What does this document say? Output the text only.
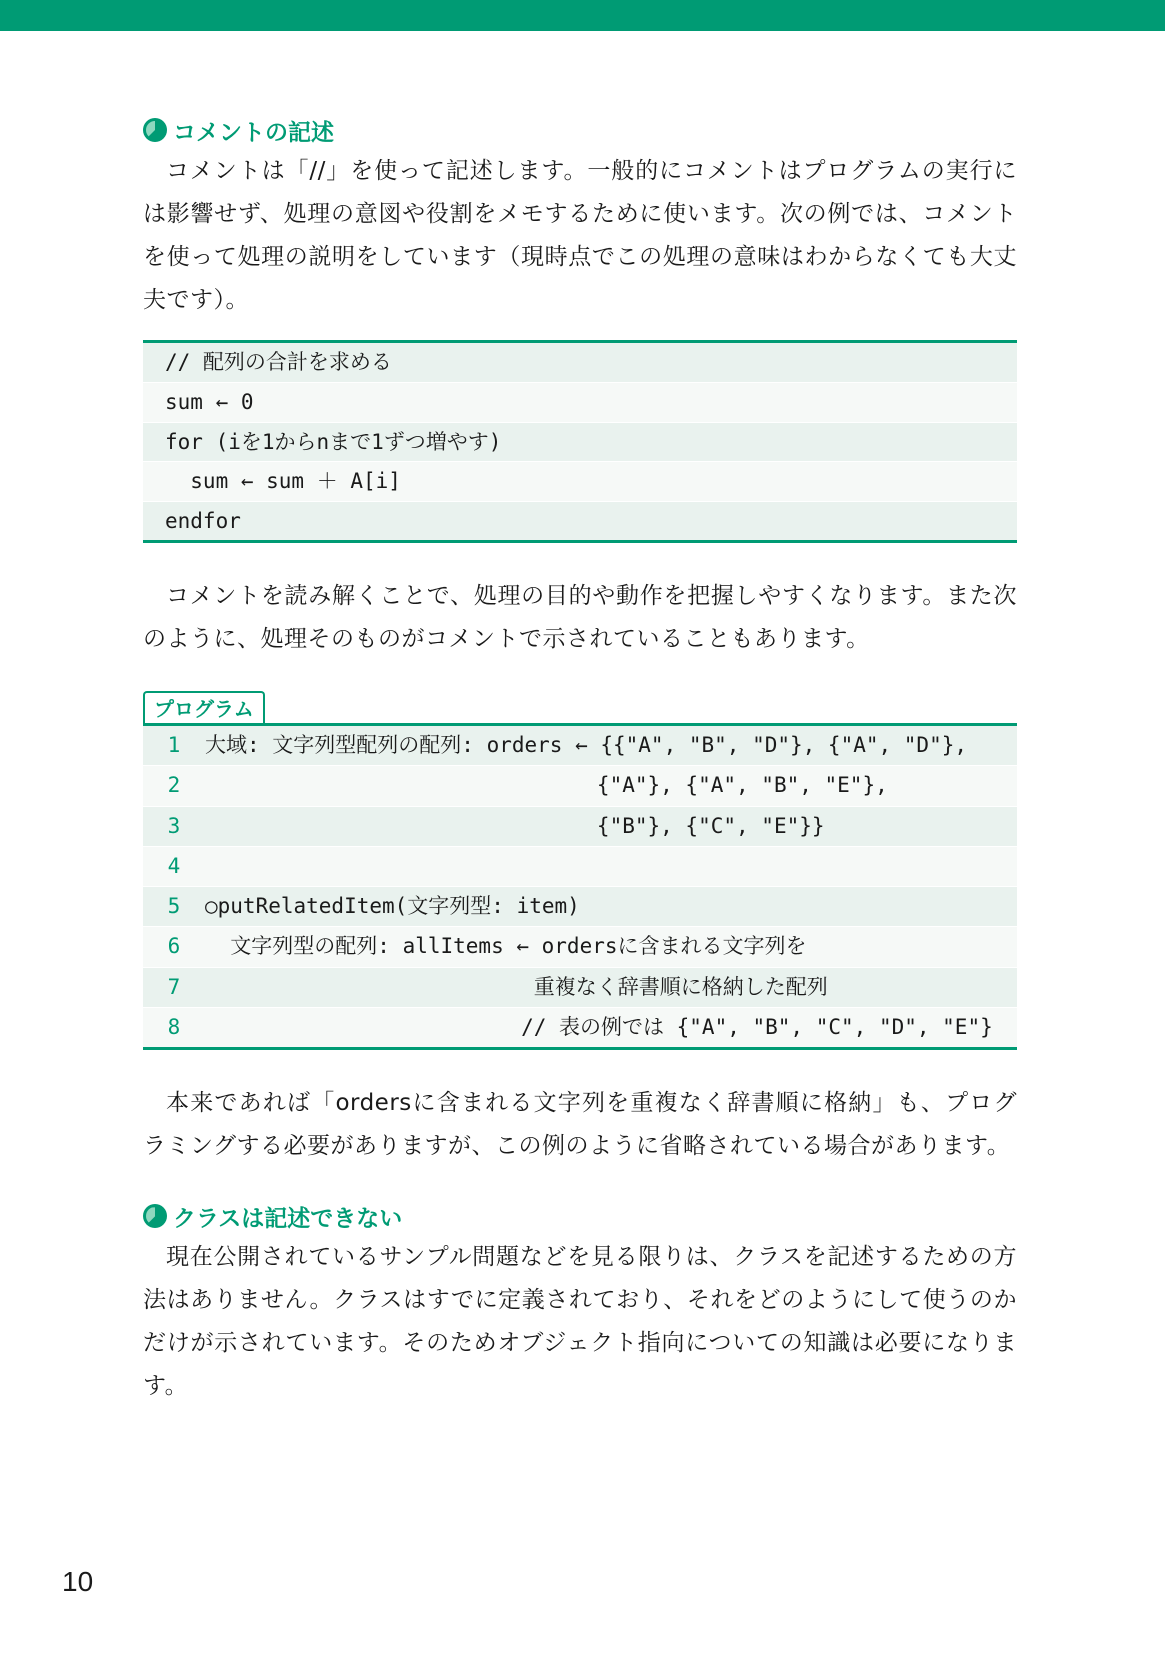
コメントの記述

コメントは「//」を使って記述します。一般的にコメントはプログラムの実行には影響せず、処理の意図や役割をメモするために使います。次の例では、コメントを使って処理の説明をしています（現時点でこの処理の意味はわからなくても大丈夫です）。

// 配列の合計を求める
sum ← 0
for (iを1からnまで1ずつ増やす)
sum ← sum ＋ A[i]
endfor

コメントを読み解くことで、処理の目的や動作を把握しやすくなります。また次のように、処理そのものがコメントで示されていることもあります。

プログラム
1	大域: 文字列型配列の配列: orders ← {{"A", "B", "D"}, {"A", "D"},
2	{"A"}, {"A", "B", "E"},
3	{"B"}, {"C", "E"}}
4
5	○putRelatedItem(文字列型: item)
6	文字列型の配列: allItems ← ordersに含まれる文字列を
7	重複なく辞書順に格納した配列
8	// 表の例では {"A", "B", "C", "D", "E"}

本来であれば「ordersに含まれる文字列を重複なく辞書順に格納」も、プログラミングする必要がありますが、この例のように省略されている場合があります。

クラスは記述できない

現在公開されているサンプル問題などを見る限りは、クラスを記述するための方法はありません。クラスはすでに定義されており、それをどのようにして使うのかだけが示されています。そのためオブジェクト指向についての知識は必要になります。

10
